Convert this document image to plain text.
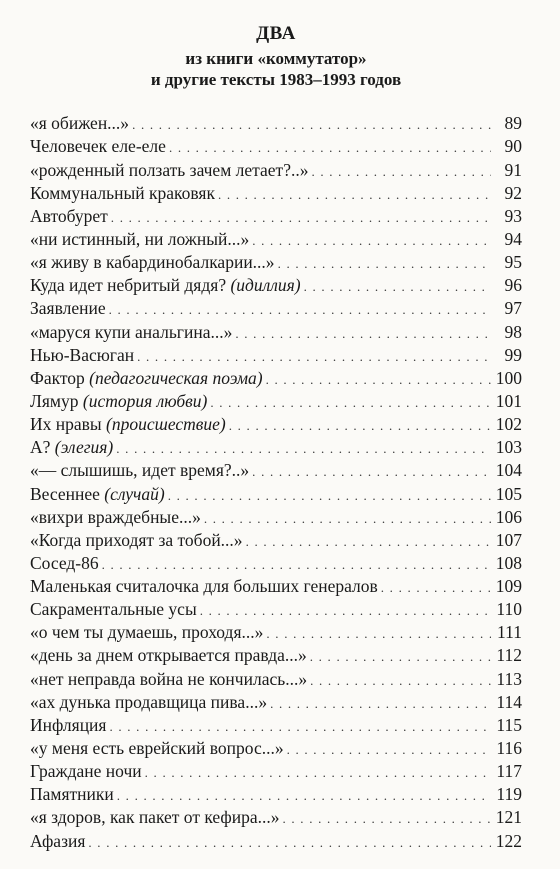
ДВА
из книги «коммутатор»
и другие тексты 1983–1993 годов
«я обижен...» . . .	89
Человечек еле-еле . . .	90
«рожденный ползать зачем летает?..» . . .	91
Коммунальный краковяк . . .	92
Автобурет . . .	93
«ни истинный, ни ложный...» . . .	94
«я живу в кабардинобалкарии...» . . .	95
Куда идет небритый дядя? (идиллия) . . .	96
Заявление . . .	97
«маруся купи анальгина...» . . .	98
Нью-Васюган . . .	99
Фактор (педагогическая поэма) . . .	100
Лямур (история любви) . . .	101
Их нравы (происшествие) . . .	102
А? (элегия) . . .	103
«— слышишь, идет время?..» . . .	104
Весеннее (случай) . . .	105
«вихри враждебные...» . . .	106
«Когда приходят за тобой...» . . .	107
Сосед-86 . . .	108
Маленькая считалочка для больших генералов . . .	109
Сакраментальные усы . . .	110
«о чем ты думаешь, проходя...» . . .	111
«день за днем открывается правда...» . . .	112
«нет неправда война не кончилась...» . . .	113
«ах дунька продавщица пива...» . . .	114
Инфляция . . .	115
«у меня есть еврейский вопрос...» . . .	116
Граждане ночи . . .	117
Памятники . . .	119
«я здоров, как пакет от кефира...» . . .	121
Афазия . . .	122
